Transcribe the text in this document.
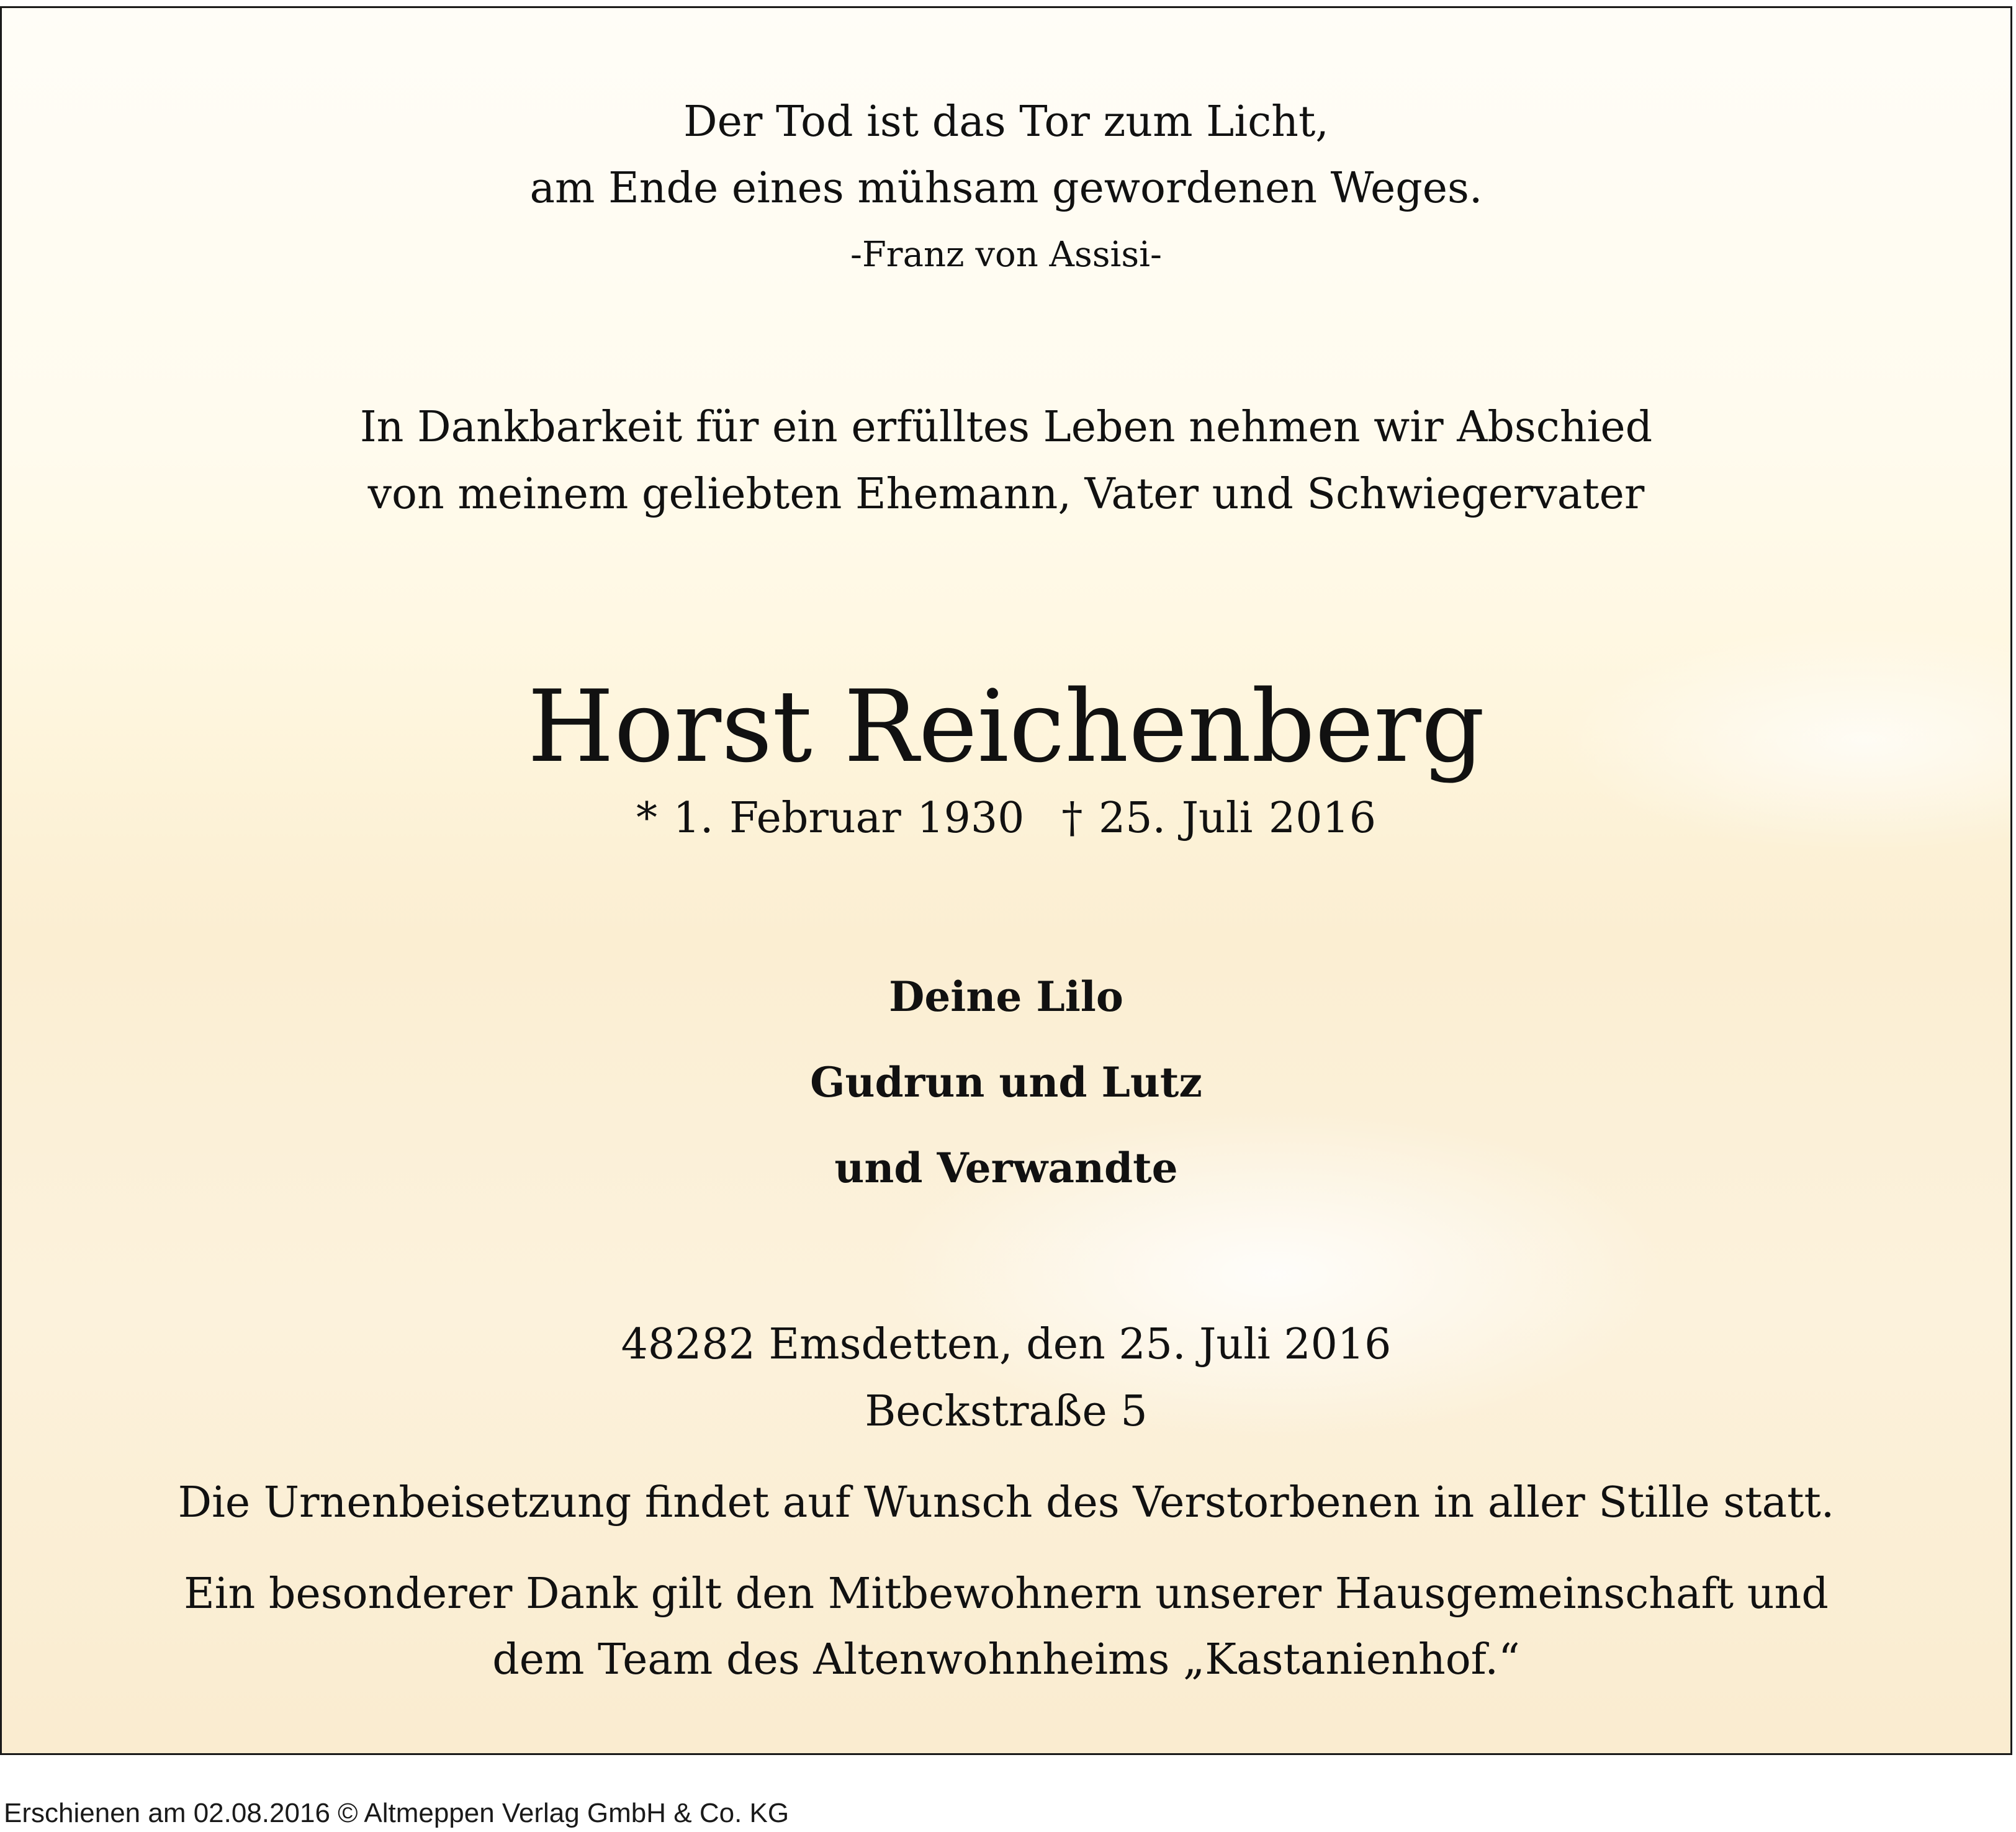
Der Tod ist das Tor zum Licht,
am Ende eines mühsam gewordenen Weges.
-Franz von Assisi-
In Dankbarkeit für ein erfülltes Leben nehmen wir Abschied
von meinem geliebten Ehemann, Vater und Schwiegervater
Horst Reichenberg
* 1. Februar 1930 † 25. Juli 2016
Deine Lilo
Gudrun und Lutz
und Verwandte
48282 Emsdetten, den 25. Juli 2016
Beckstraße 5
Die Urnenbeisetzung findet auf Wunsch des Verstorbenen in aller Stille statt.
Ein besonderer Dank gilt den Mitbewohnern unserer Hausgemeinschaft und
dem Team des Altenwohnheims „Kastanienhof.“
Erschienen am 02.08.2016 © Altmeppen Verlag GmbH & Co. KG
